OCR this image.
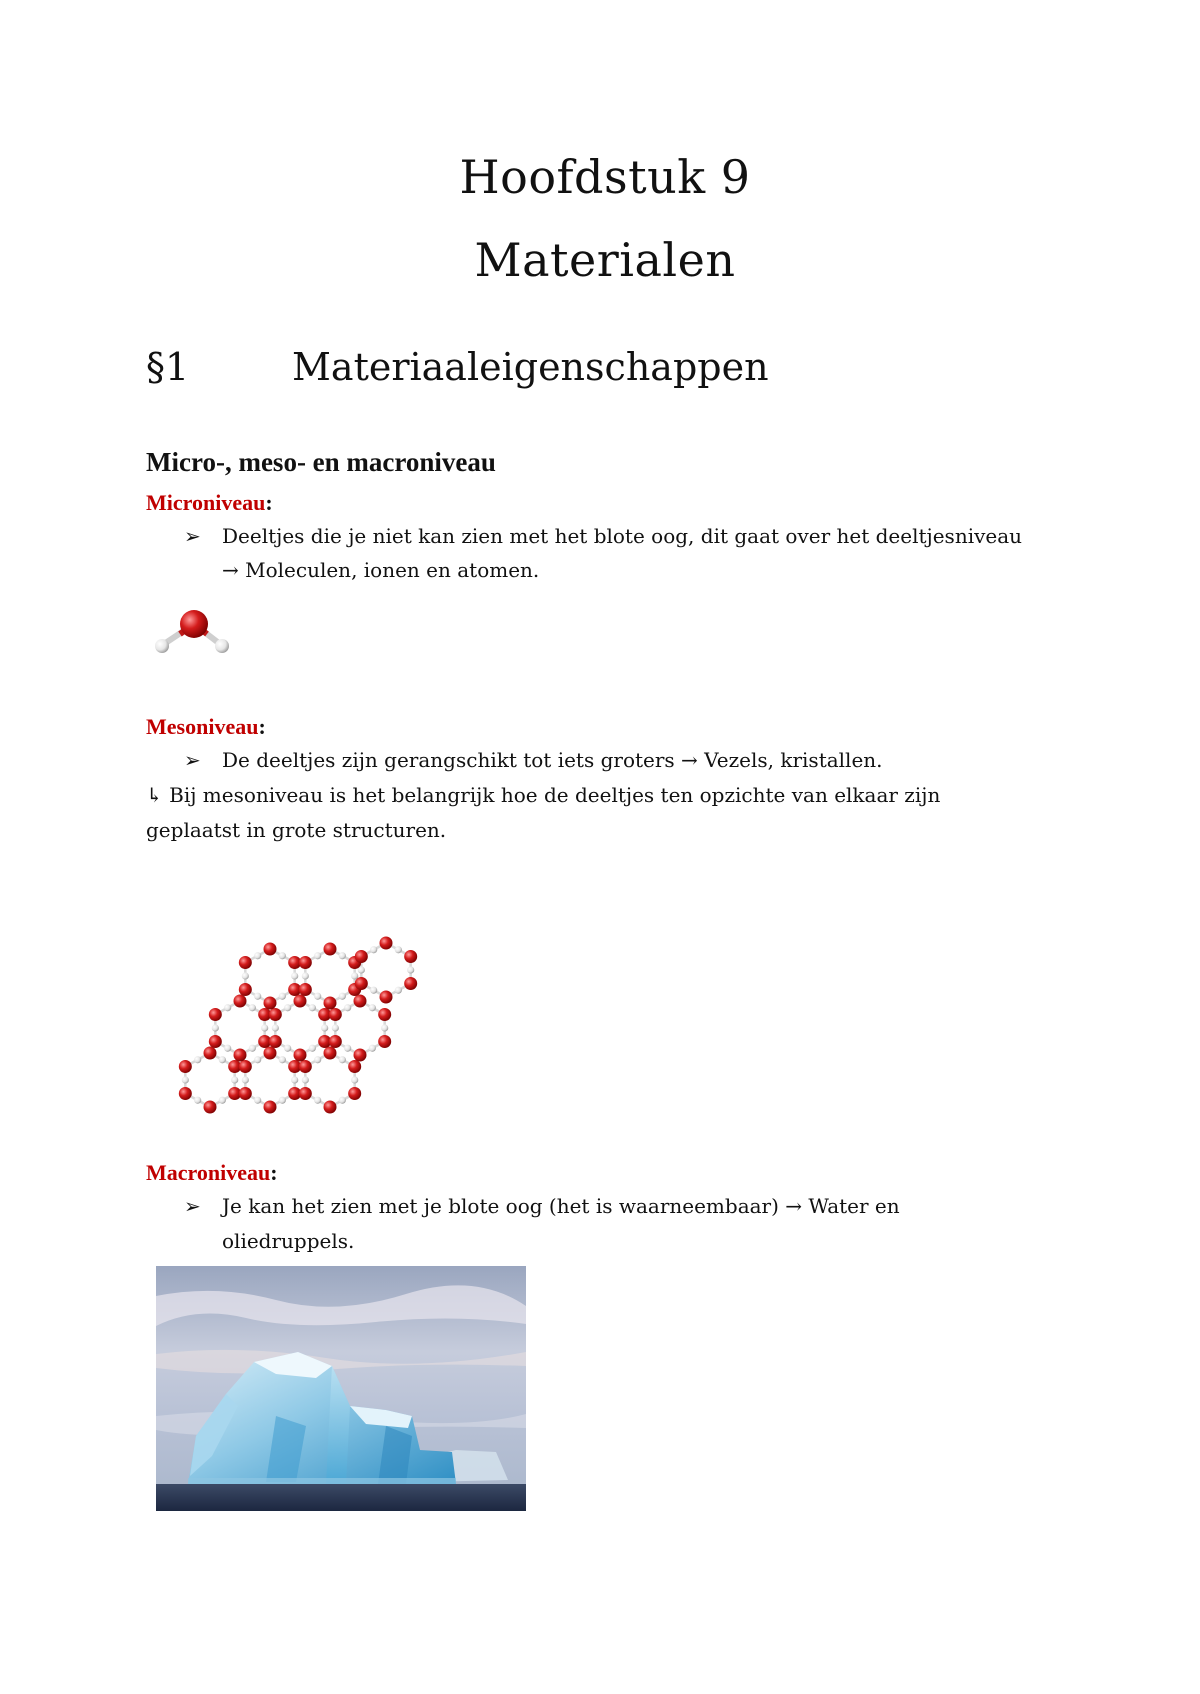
Hoofdstuk 9
Materialen
§1	Materiaaleigenschappen
Micro-, meso- en macroniveau
Microniveau:
➢ Deeltjes die je niet kan zien met het blote oog, dit gaat over het deeltjesniveau
→ Moleculen, ionen en atomen.
Mesoniveau:
➢ De deeltjes zijn gerangschikt tot iets groters → Vezels, kristallen.
↳ Bij mesoniveau is het belangrijk hoe de deeltjes ten opzichte van elkaar zijn
geplaatst in grote structuren.
Macroniveau:
➢ Je kan het zien met je blote oog (het is waarneembaar) → Water en
oliedruppels.
